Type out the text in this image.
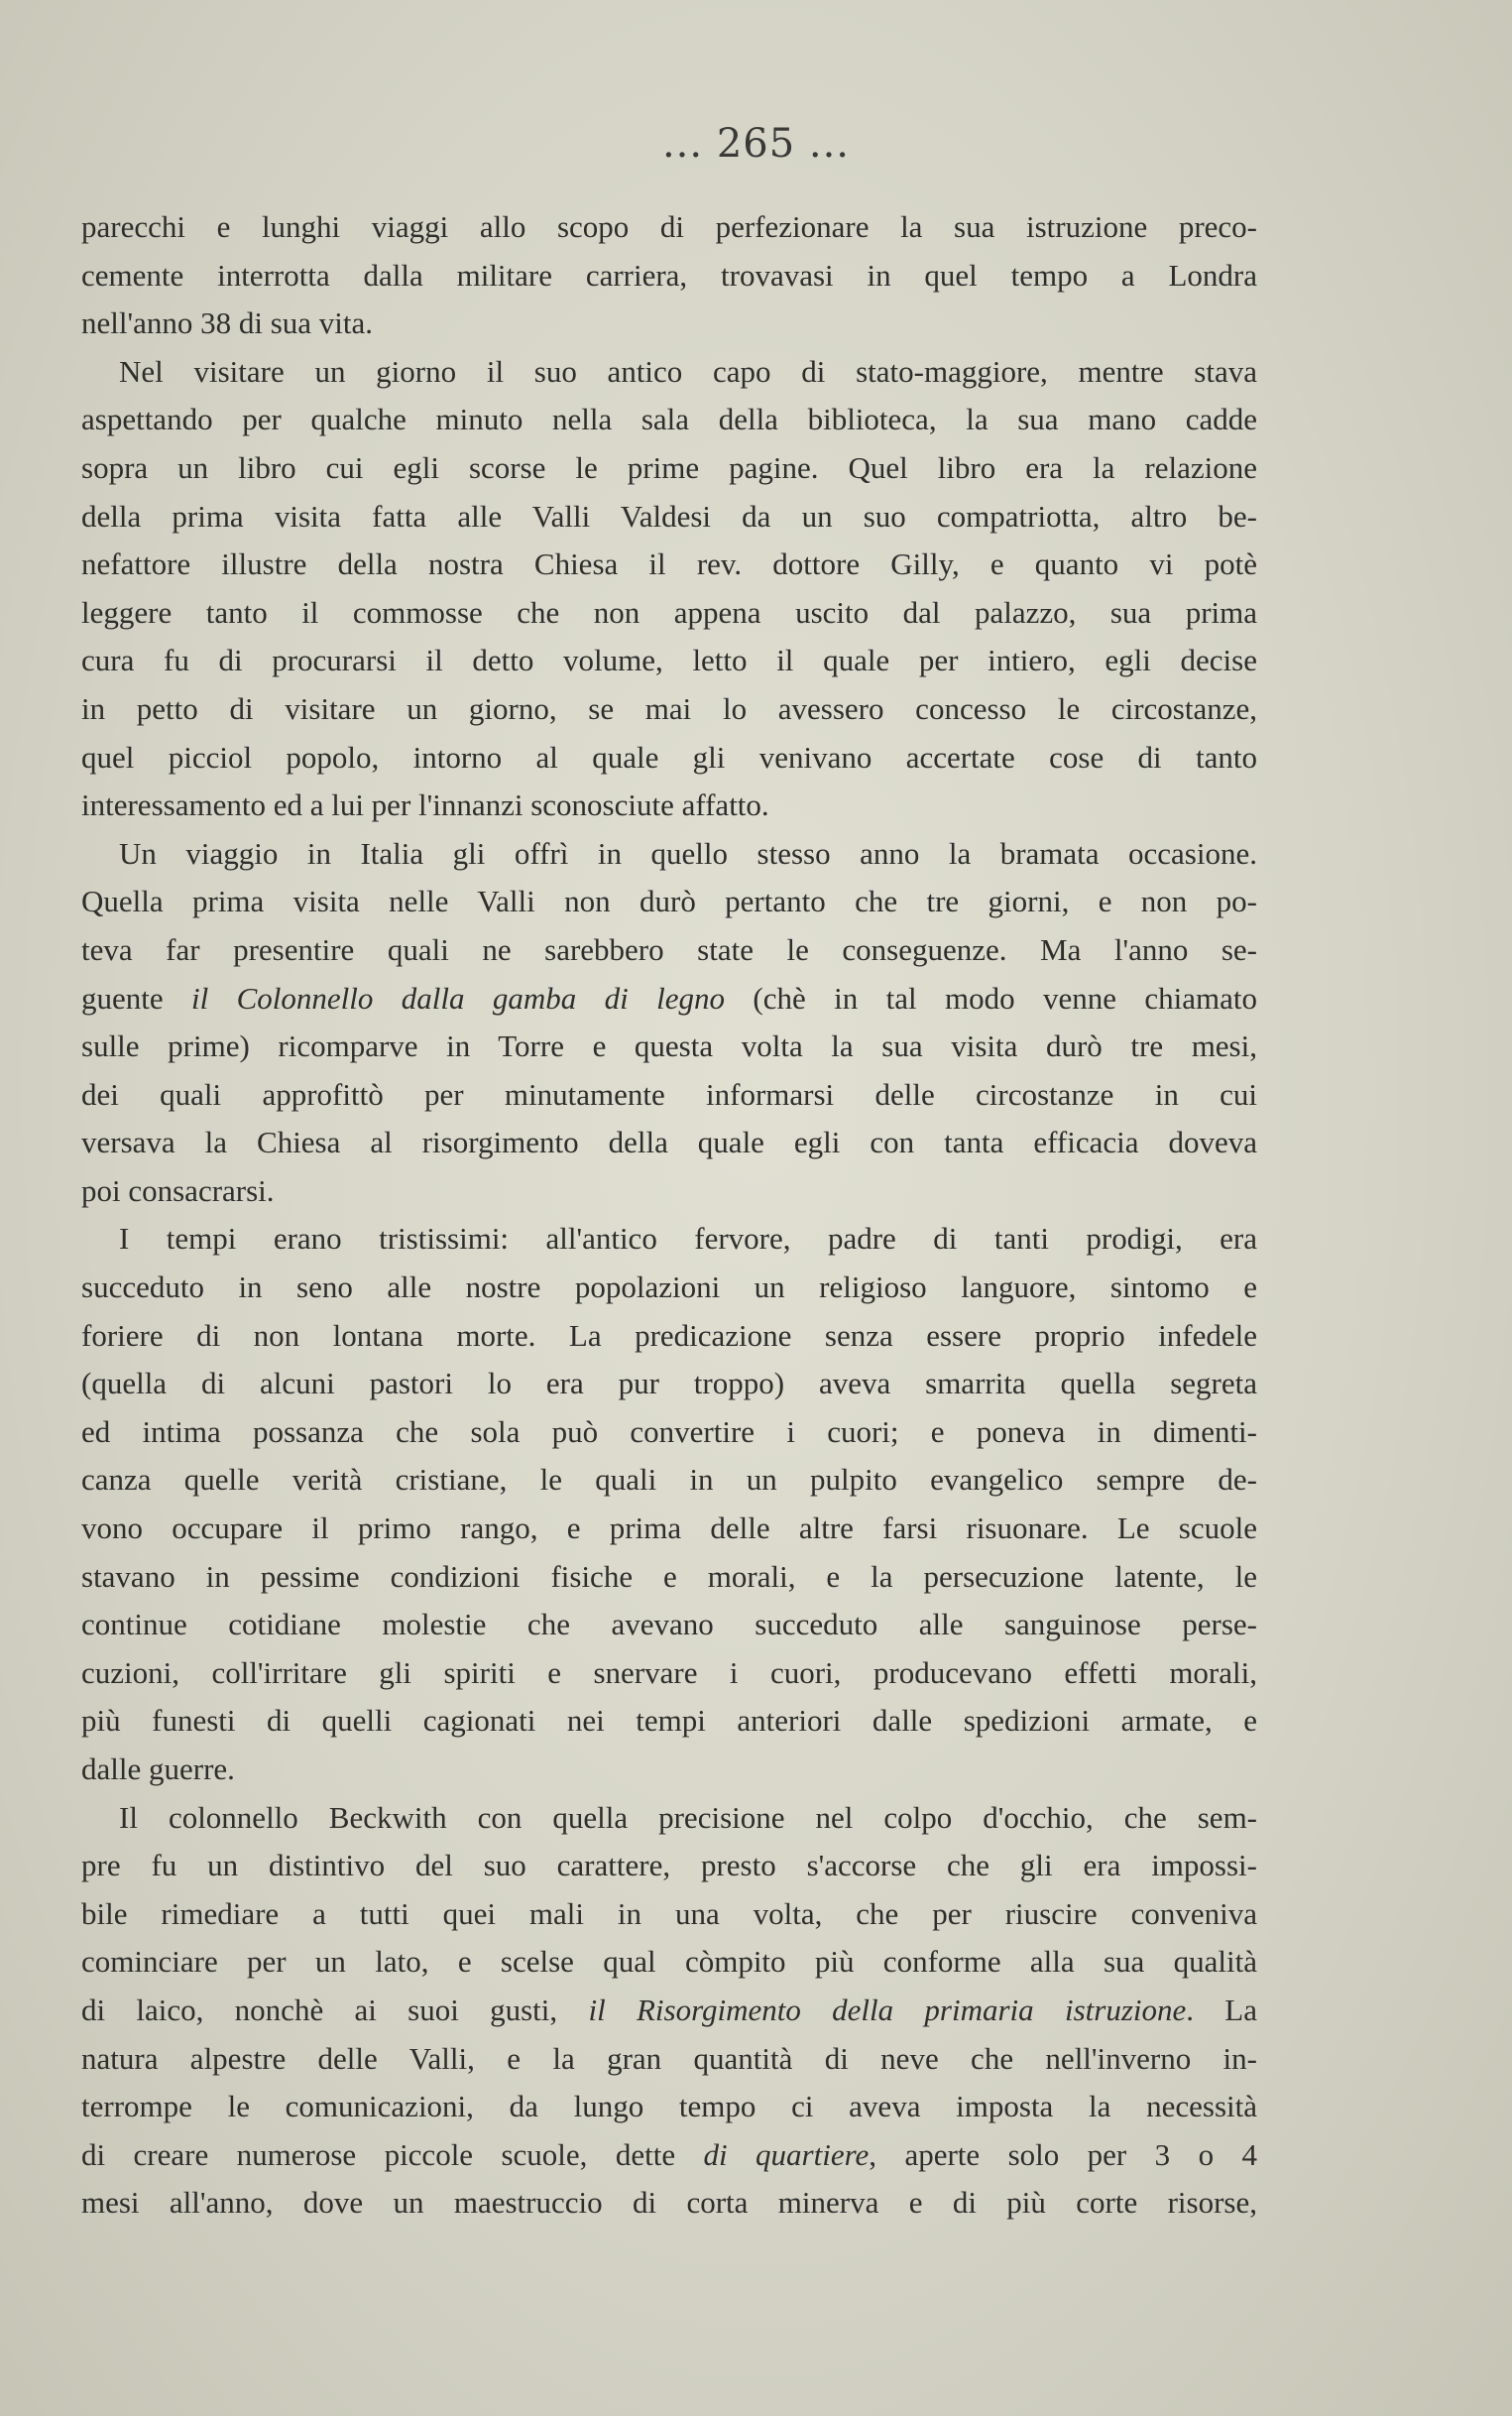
... 265 ...
parecchi e lunghi viaggi allo scopo di perfezionare la sua istruzione preco-
cemente interrotta dalla militare carriera, trovavasi in quel tempo a Londra
nell'anno 38 di sua vita.
Nel visitare un giorno il suo antico capo di stato-maggiore, mentre stava
aspettando per qualche minuto nella sala della biblioteca, la sua mano cadde
sopra un libro cui egli scorse le prime pagine. Quel libro era la relazione
della prima visita fatta alle Valli Valdesi da un suo compatriotta, altro be-
nefattore illustre della nostra Chiesa il rev. dottore Gilly, e quanto vi potè
leggere tanto il commosse che non appena uscito dal palazzo, sua prima
cura fu di procurarsi il detto volume, letto il quale per intiero, egli decise
in petto di visitare un giorno, se mai lo avessero concesso le circostanze,
quel picciol popolo, intorno al quale gli venivano accertate cose di tanto
interessamento ed a lui per l'innanzi sconosciute affatto.
Un viaggio in Italia gli offrì in quello stesso anno la bramata occasione.
Quella prima visita nelle Valli non durò pertanto che tre giorni, e non po-
teva far presentire quali ne sarebbero state le conseguenze. Ma l'anno se-
guente il Colonnello dalla gamba di legno (chè in tal modo venne chiamato
sulle prime) ricomparve in Torre e questa volta la sua visita durò tre mesi,
dei quali approfittò per minutamente informarsi delle circostanze in cui
versava la Chiesa al risorgimento della quale egli con tanta efficacia doveva
poi consacrarsi.
I tempi erano tristissimi: all'antico fervore, padre di tanti prodigi, era
succeduto in seno alle nostre popolazioni un religioso languore, sintomo e
foriere di non lontana morte. La predicazione senza essere proprio infedele
(quella di alcuni pastori lo era pur troppo) aveva smarrita quella segreta
ed intima possanza che sola può convertire i cuori; e poneva in dimenti-
canza quelle verità cristiane, le quali in un pulpito evangelico sempre de-
vono occupare il primo rango, e prima delle altre farsi risuonare. Le scuole
stavano in pessime condizioni fisiche e morali, e la persecuzione latente, le
continue cotidiane molestie che avevano succeduto alle sanguinose perse-
cuzioni, coll'irritare gli spiriti e snervare i cuori, producevano effetti morali,
più funesti di quelli cagionati nei tempi anteriori dalle spedizioni armate, e
dalle guerre.
Il colonnello Beckwith con quella precisione nel colpo d'occhio, che sem-
pre fu un distintivo del suo carattere, presto s'accorse che gli era impossi-
bile rimediare a tutti quei mali in una volta, che per riuscire conveniva
cominciare per un lato, e scelse qual còmpito più conforme alla sua qualità
di laico, nonchè ai suoi gusti, il Risorgimento della primaria istruzione. La
natura alpestre delle Valli, e la gran quantità di neve che nell'inverno in-
terrompe le comunicazioni, da lungo tempo ci aveva imposta la necessità
di creare numerose piccole scuole, dette di quartiere, aperte solo per 3 o 4
mesi all'anno, dove un maestruccio di corta minerva e di più corte risorse,
